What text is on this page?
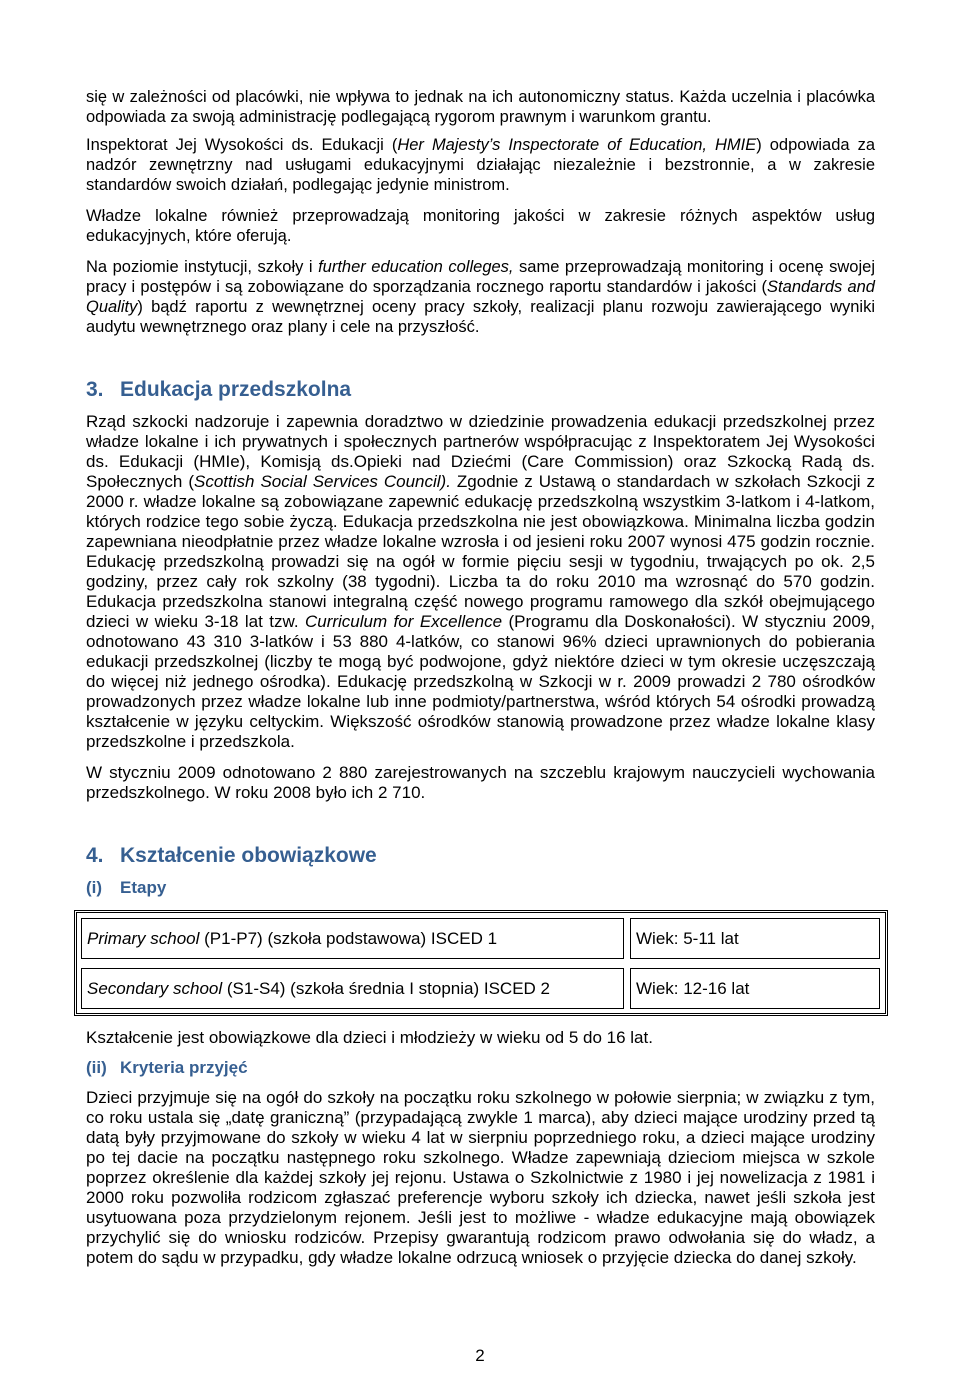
się w zależności od placówki, nie wpływa to jednak na ich autonomiczny status. Każda uczelnia i placówka odpowiada za swoją administrację podlegającą rygorom prawnym i warunkom grantu.

Inspektorat Jej Wysokości ds. Edukacji (Her Majesty’s Inspectorate of Education, HMIE) odpowiada za nadzór zewnętrzny nad usługami edukacyjnymi działając niezależnie i bezstronnie, a w zakresie standardów swoich działań, podlegając jedynie ministrom.

Władze lokalne również przeprowadzają monitoring jakości w zakresie różnych aspektów usług edukacyjnych, które oferują.

Na poziomie instytucji, szkoły i further education colleges, same przeprowadzają monitoring i ocenę swojej pracy i postępów i są zobowiązane do sporządzania rocznego raportu standardów i jakości (Standards and Quality) bądź raportu z wewnętrznej oceny pracy szkoły, realizacji planu rozwoju zawierającego wyniki audytu wewnętrznego oraz plany i cele na przyszłość.

3. Edukacja przedszkolna

Rząd szkocki nadzoruje i zapewnia doradztwo w dziedzinie prowadzenia edukacji przedszkolnej przez władze lokalne i ich prywatnych i społecznych partnerów współpracując z Inspektoratem Jej Wysokości ds. Edukacji (HMIe), Komisją ds.Opieki nad Dziećmi (Care Commission) oraz Szkocką Radą ds. Społecznych (Scottish Social Services Council). Zgodnie z Ustawą o standardach w szkołach Szkocji z 2000 r. władze lokalne są zobowiązane zapewnić edukację przedszkolną wszystkim 3-latkom i 4-latkom, których rodzice tego sobie życzą. Edukacja przedszkolna nie jest obowiązkowa. Minimalna liczba godzin zapewniana nieodpłatnie przez władze lokalne wzrosła i od jesieni roku 2007 wynosi 475 godzin rocznie. Edukację przedszkolną prowadzi się na ogół w formie pięciu sesji w tygodniu, trwających po ok. 2,5 godziny, przez cały rok szkolny (38 tygodni). Liczba ta do roku 2010 ma wzrosnąć do 570 godzin. Edukacja przedszkolna stanowi integralną część nowego programu ramowego dla szkół obejmującego dzieci w wieku 3-18 lat tzw. Curriculum for Excellence (Programu dla Doskonałości). W styczniu 2009, odnotowano 43 310 3-latków i 53 880 4-latków, co stanowi 96% dzieci uprawnionych do pobierania edukacji przedszkolnej (liczby te mogą być podwojone, gdyż niektóre dzieci w tym okresie uczęszczają do więcej niż jednego ośrodka). Edukację przedszkolną w Szkocji w r. 2009 prowadzi 2 780 ośrodków prowadzonych przez władze lokalne lub inne podmioty/partnerstwa, wśród których 54 ośrodki prowadzą kształcenie w języku celtyckim. Większość ośrodków stanowią prowadzone przez władze lokalne klasy przedszkolne i przedszkola.

W styczniu 2009 odnotowano 2 880 zarejestrowanych na szczeblu krajowym nauczycieli wychowania przedszkolnego. W roku 2008 było ich 2 710.

4. Kształcenie obowiązkowe
(i) Etapy
Primary school (P1-P7) (szkoła podstawowa) ISCED 1	Wiek: 5-11 lat
Secondary school (S1-S4) (szkoła średnia I stopnia) ISCED 2	Wiek: 12-16 lat

Kształcenie jest obowiązkowe dla dzieci i młodzieży w wieku od 5 do 16 lat.

(ii) Kryteria przyjęć

Dzieci przyjmuje się na ogół do szkoły na początku roku szkolnego w połowie sierpnia; w związku z tym, co roku ustala się „datę graniczną” (przypadającą zwykle 1 marca), aby dzieci mające urodziny przed tą datą były przyjmowane do szkoły w wieku 4 lat w sierpniu poprzedniego roku, a dzieci mające urodziny po tej dacie na początku następnego roku szkolnego. Władze zapewniają dzieciom miejsca w szkole poprzez określenie dla każdej szkoły jej rejonu. Ustawa o Szkolnictwie z 1980 i jej nowelizacja z 1981 i 2000 roku pozwoliła rodzicom zgłaszać preferencje wyboru szkoły ich dziecka, nawet jeśli szkoła jest usytuowana poza przydzielonym rejonem. Jeśli jest to możliwe - władze edukacyjne mają obowiązek przychylić się do wniosku rodziców. Przepisy gwarantują rodzicom prawo odwołania się do władz, a potem do sądu w przypadku, gdy władze lokalne odrzucą wniosek o przyjęcie dziecka do danej szkoły.

2
